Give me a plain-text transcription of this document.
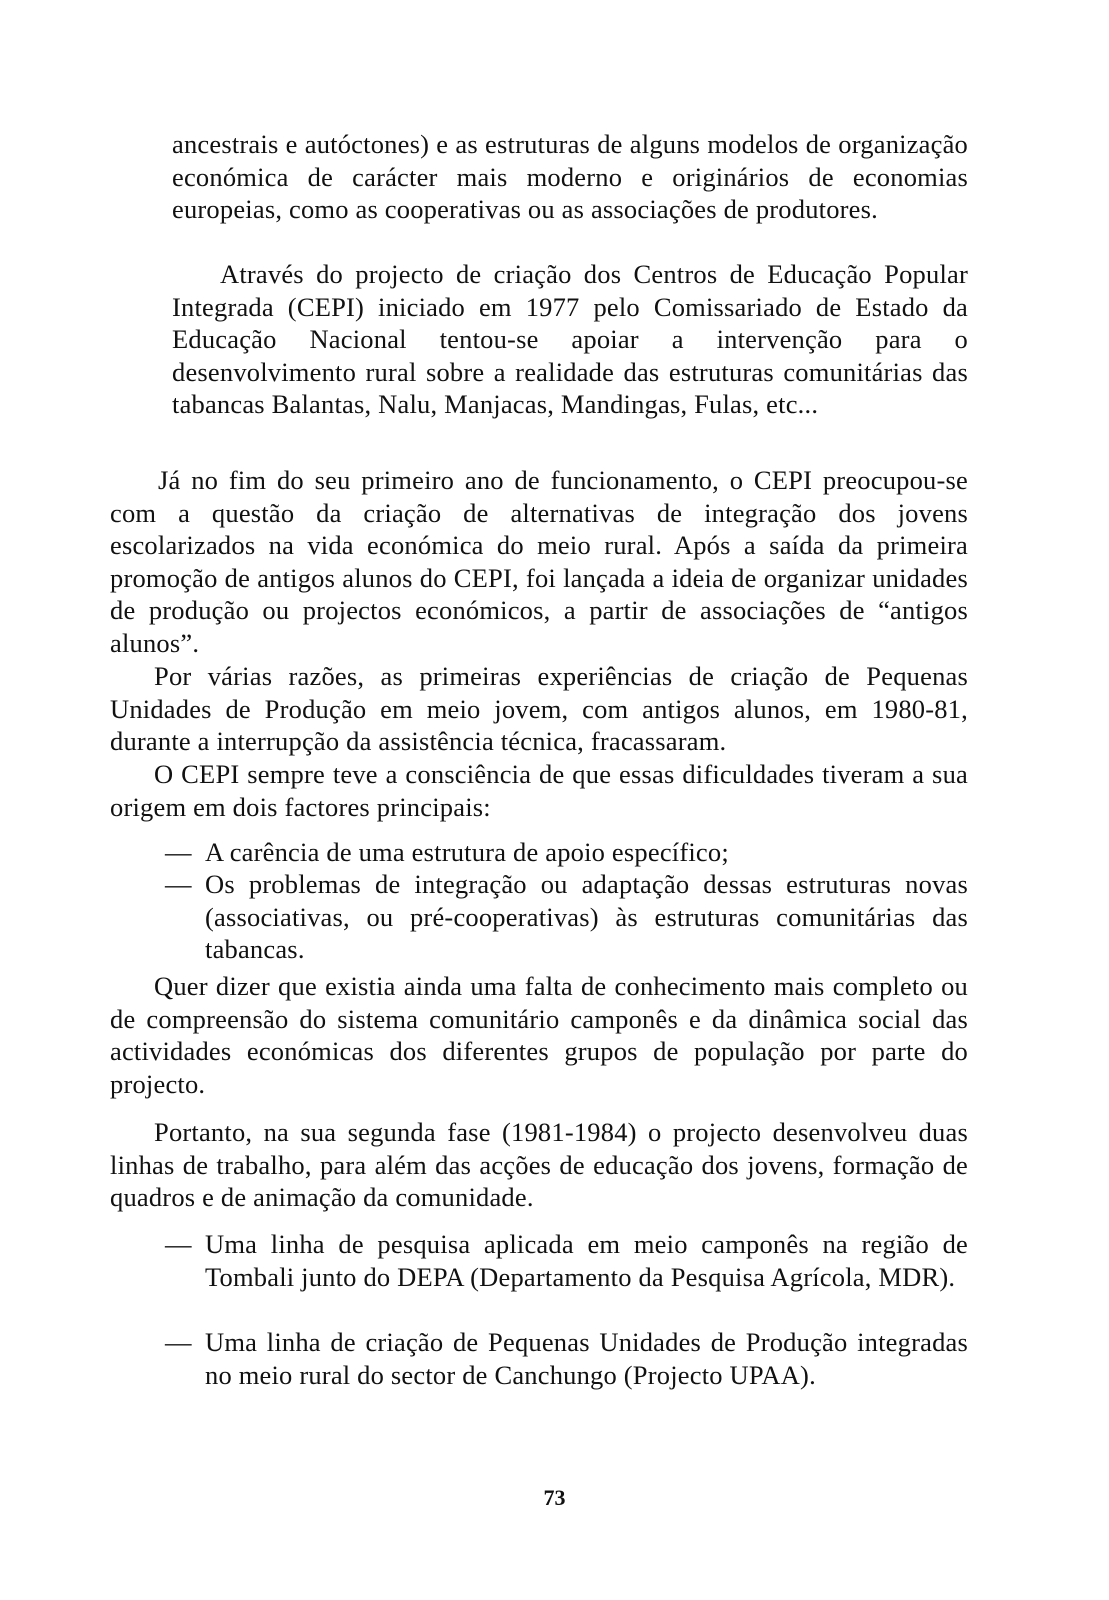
ancestrais e autóctones) e as estruturas de alguns modelos de organização económica de carácter mais moderno e originários de economias europeias, como as cooperativas ou as associações de produtores.

Através do projecto de criação dos Centros de Educação Popular Integrada (CEPI) iniciado em 1977 pelo Comissariado de Estado da Educação Nacional tentou-se apoiar a intervenção para o desenvolvimento rural sobre a realidade das estruturas comunitárias das tabancas Balantas, Nalu, Manjacas, Mandingas, Fulas, etc...

Já no fim do seu primeiro ano de funcionamento, o CEPI preocupou-se com a questão da criação de alternativas de integração dos jovens escolarizados na vida económica do meio rural. Após a saída da primeira promoção de antigos alunos do CEPI, foi lançada a ideia de organizar unidades de produção ou projectos económicos, a partir de associações de “antigos alunos”.

Por várias razões, as primeiras experiências de criação de Pequenas Unidades de Produção em meio jovem, com antigos alunos, em 1980-81, durante a interrupção da assistência técnica, fracassaram.

O CEPI sempre teve a consciência de que essas dificuldades tiveram a sua origem em dois factores principais:

— A carência de uma estrutura de apoio específico;
— Os problemas de integração ou adaptação dessas estruturas novas (associativas, ou pré-cooperativas) às estruturas comunitárias das tabancas.

Quer dizer que existia ainda uma falta de conhecimento mais completo ou de compreensão do sistema comunitário camponês e da dinâmica social das actividades económicas dos diferentes grupos de população por parte do projecto.

Portanto, na sua segunda fase (1981-1984) o projecto desenvolveu duas linhas de trabalho, para além das acções de educação dos jovens, formação de quadros e de animação da comunidade.

— Uma linha de pesquisa aplicada em meio camponês na região de Tombali junto do DEPA (Departamento da Pesquisa Agrícola, MDR).
— Uma linha de criação de Pequenas Unidades de Produção integradas no meio rural do sector de Canchungo (Projecto UPAA).
73
